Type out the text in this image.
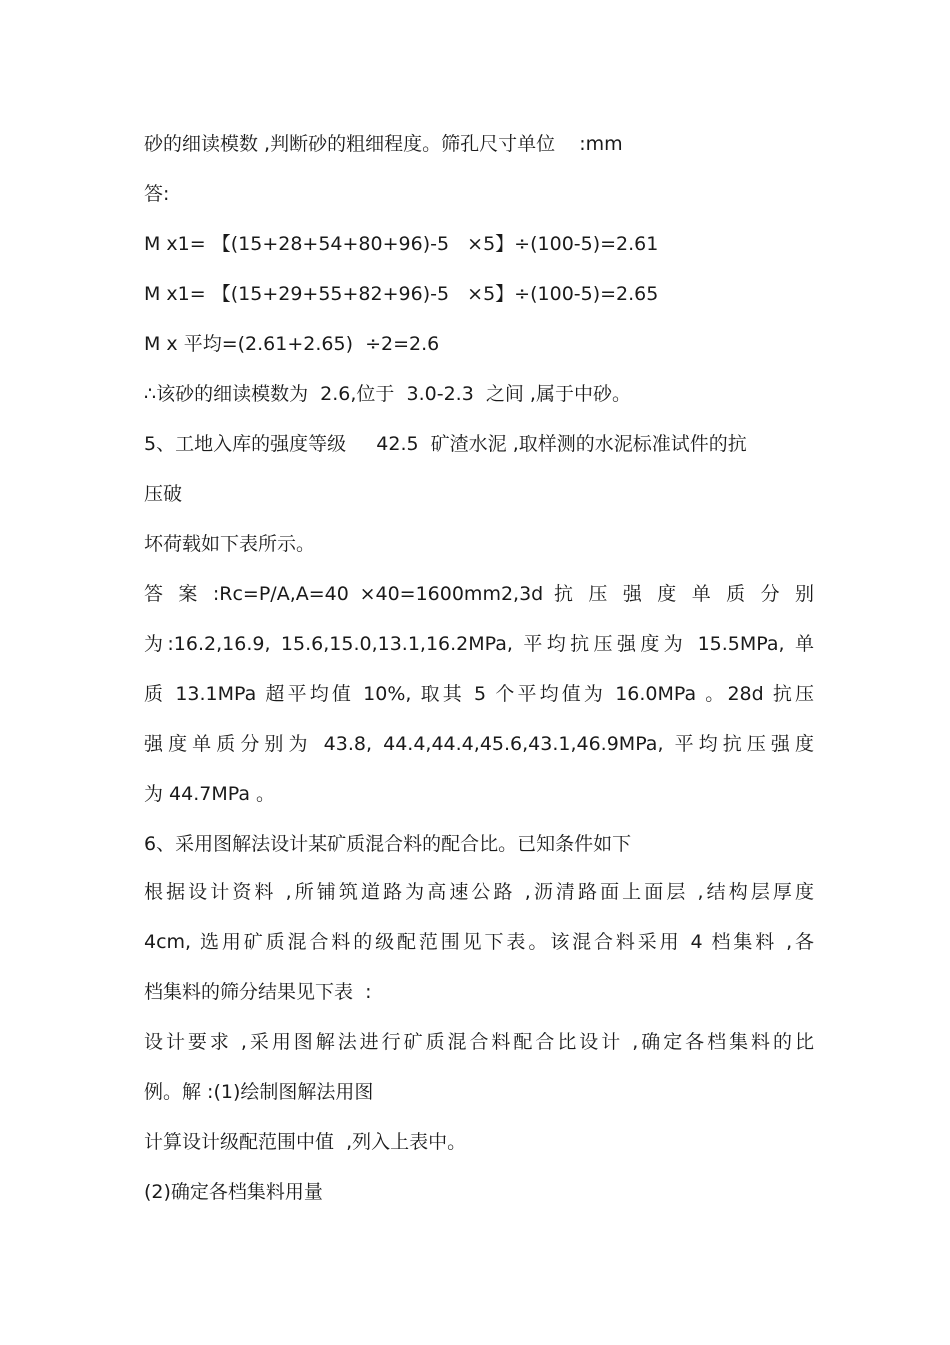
砂的细读模数 ,判断砂的粗细程度。筛孔尺寸单位    :mm

答:

M x1= 【(15+28+54+80+96)-5   ×5】÷(100-5)=2.61

M x1= 【(15+29+55+82+96)-5   ×5】÷(100-5)=2.65

M x 平均=(2.61+2.65)  ÷2=2.6

∴该砂的细读模数为  2.6,位于  3.0-2.3  之间 ,属于中砂。

5、工地入库的强度等级     42.5  矿渣水泥 ,取样测的水泥标准试件的抗

压破

坏荷载如下表所示。

答 案 :Rc=P/A,A=40 ×40=1600mm2,3d 抗 压 强 度 单 质 分 别

为:16.2,16.9, 15.6,15.0,13.1,16.2MPa, 平均抗压强度为 15.5MPa, 单

质 13.1MPa 超平均值 10%, 取其 5 个平均值为 16.0MPa 。28d 抗压

强度单质分别为 43.8, 44.4,44.4,45.6,43.1,46.9MPa, 平均抗压强度

为 44.7MPa 。

6、采用图解法设计某矿质混合料的配合比。已知条件如下

根据设计资料 ,所铺筑道路为高速公路 ,沥清路面上面层 ,结构层厚度

4cm, 选用矿质混合料的级配范围见下表。该混合料采用 4 档集料 ,各

档集料的筛分结果见下表  :

设计要求 ,采用图解法进行矿质混合料配合比设计 ,确定各档集料的比

例。解 :(1)绘制图解法用图

计算设计级配范围中值  ,列入上表中。

(2)确定各档集料用量
